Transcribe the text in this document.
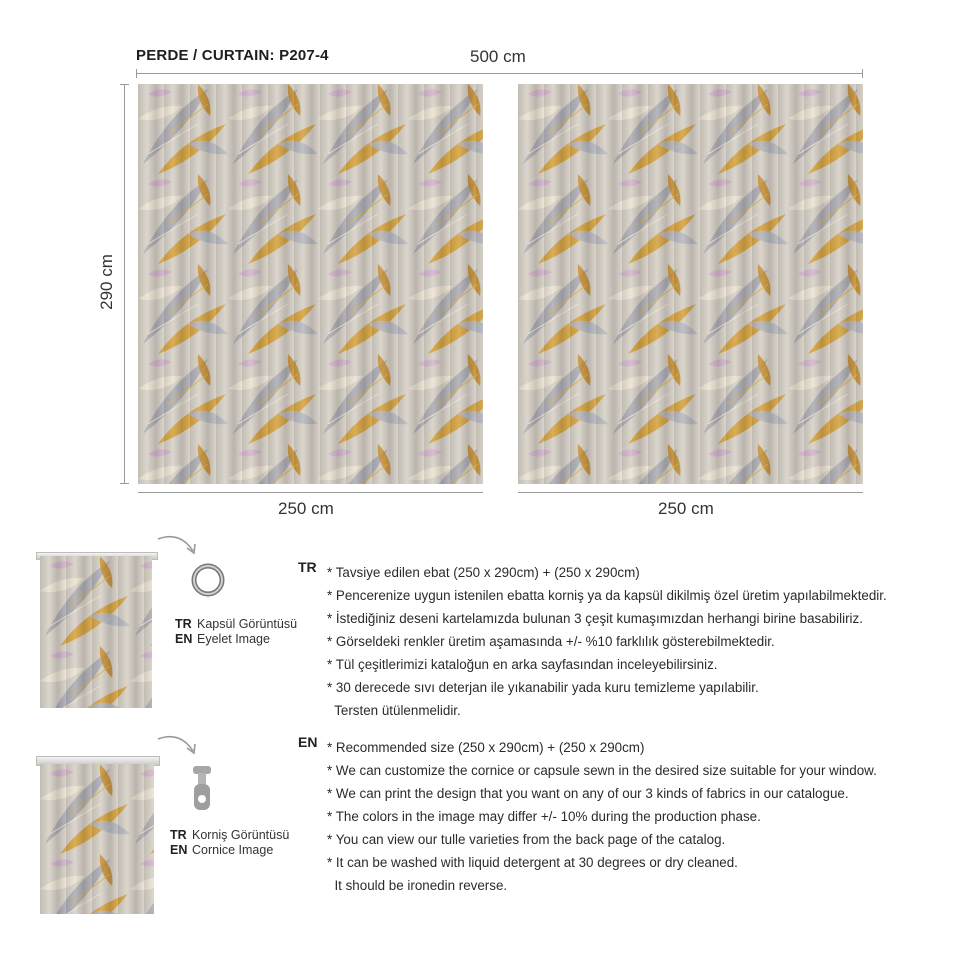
PERDE / CURTAIN: P207-4	500 cm
290 cm
250 cm	250 cm
TR Kapsül Görüntüsü
EN Eyelet Image
TR Korniş Görüntüsü
EN Cornice Image
TR * Tavsiye edilen ebat (250 x 290cm) + (250 x 290cm)
* Pencerenize uygun istenilen ebatta korniş ya da kapsül dikilmiş özel üretim yapılabilmektedir.
* İstediğiniz deseni kartelamızda bulunan 3 çeşit kumaşımızdan herhangi birine basabiliriz.
* Görseldeki renkler üretim aşamasında +/- %10 farklılık gösterebilmektedir.
* Tül çeşitlerimizi kataloğun en arka sayfasından inceleyebilirsiniz.
* 30 derecede sıvı deterjan ile yıkanabilir yada kuru temizleme yapılabilir.
Tersten ütülenmelidir.
EN * Recommended size (250 x 290cm) + (250 x 290cm)
* We can customize the cornice or capsule sewn in the desired size suitable for your window.
* We can print the design that you want on any of our 3 kinds of fabrics in our catalogue.
* The colors in the image may differ +/- 10% during the production phase.
* You can view our tulle varieties from the back page of the catalog.
* It can be washed with liquid detergent at 30 degrees or dry cleaned.
It should be ironedin reverse.
